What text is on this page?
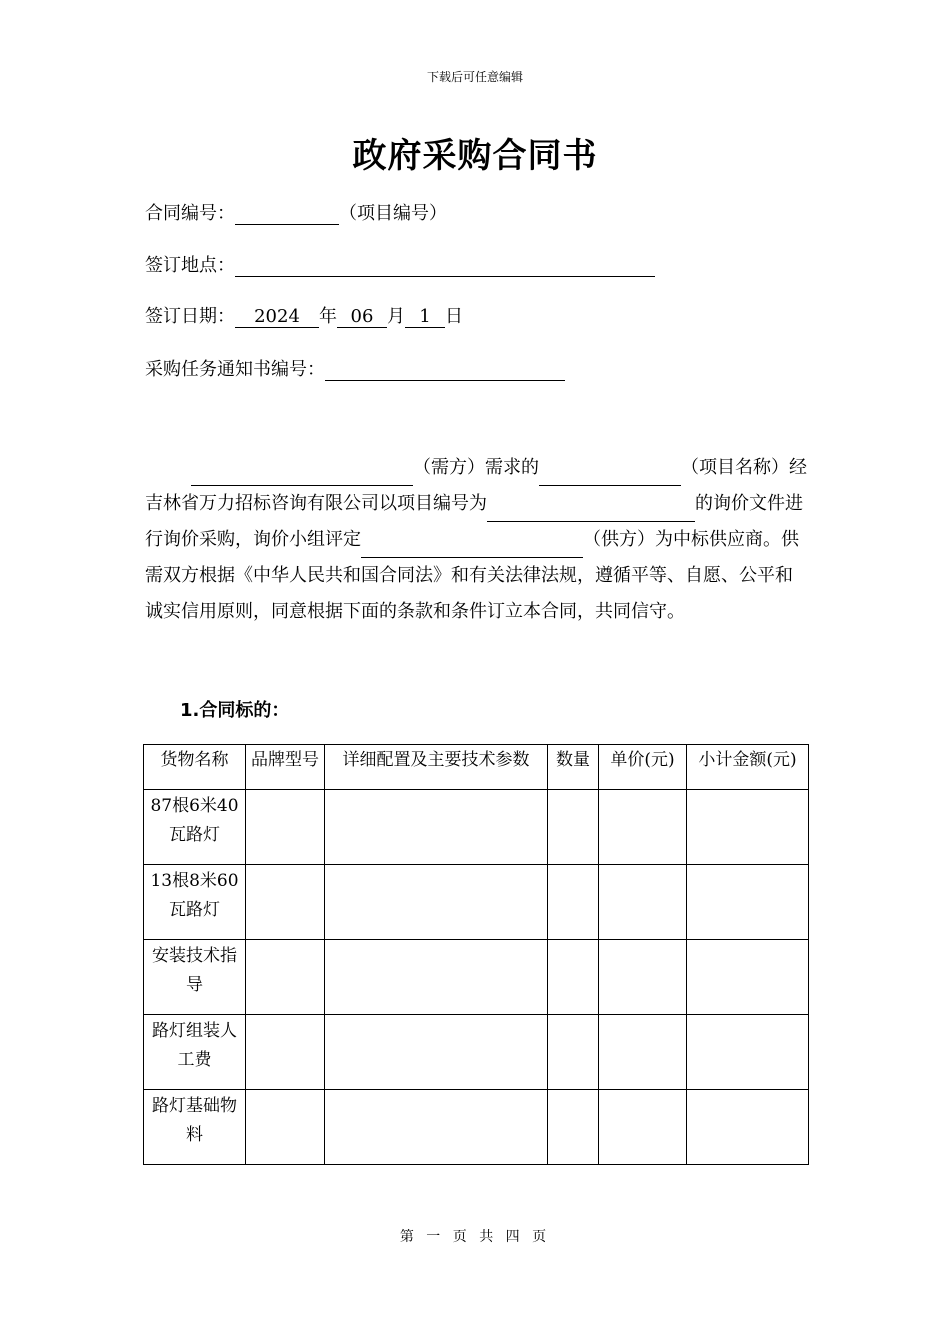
下载后可任意编辑
政府采购合同书
合同编号：	（项目编号）
签订地点：
签订日期： 2024 年 06 月 1 日
采购任务通知书编号：
（需方）需求的	（项目名称）经吉林省万力招标咨询有限公司以项目编号为	的询价文件进行询价采购，询价小组评定	（供方）为中标供应商。供需双方根据《中华人民共和国合同法》和有关法律法规，遵循平等、自愿、公平和诚实信用原则，同意根据下面的条款和条件订立本合同，共同信守。
1.合同标的：
货物名称	品牌型号	详细配置及主要技术参数	数量	单价(元)	小计金额(元)
87根6米40瓦路灯					
13根8米60瓦路灯					
安装技术指导					
路灯组装人工费					
路灯基础物料					
第 一 页 共 四 页
